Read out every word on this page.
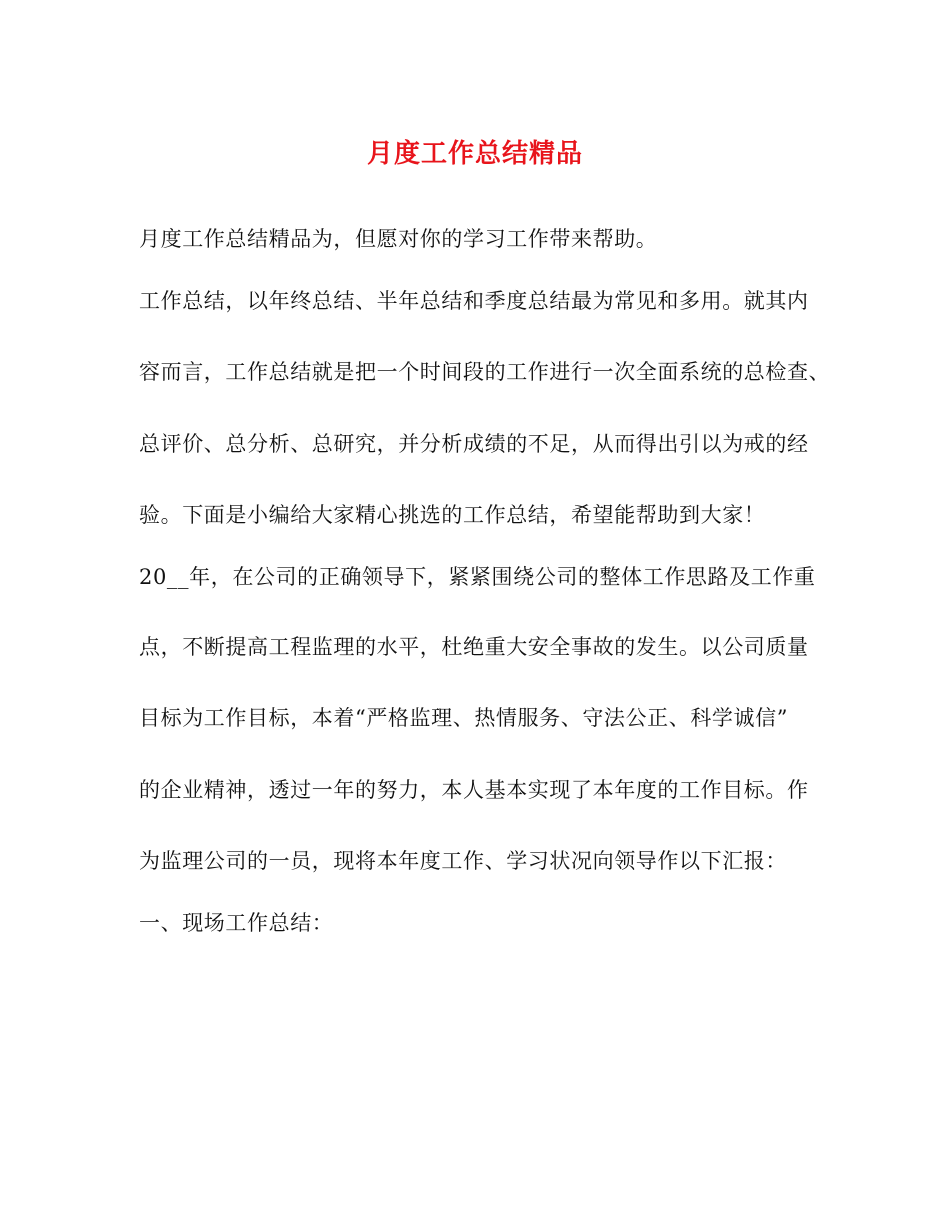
月度工作总结精品
月度工作总结精品为，但愿对你的学习工作带来帮助。
工作总结，以年终总结、半年总结和季度总结最为常见和多用。就其内
容而言，工作总结就是把一个时间段的工作进行一次全面系统的总检查、
总评价、总分析、总研究，并分析成绩的不足，从而得出引以为戒的经
验。下面是小编给大家精心挑选的工作总结，希望能帮助到大家！
20__年，在公司的正确领导下，紧紧围绕公司的整体工作思路及工作重
点，不断提高工程监理的水平，杜绝重大安全事故的发生。以公司质量
目标为工作目标，本着“严格监理、热情服务、守法公正、科学诚信”
的企业精神，透过一年的努力，本人基本实现了本年度的工作目标。作
为监理公司的一员，现将本年度工作、学习状况向领导作以下汇报：
一、现场工作总结：
